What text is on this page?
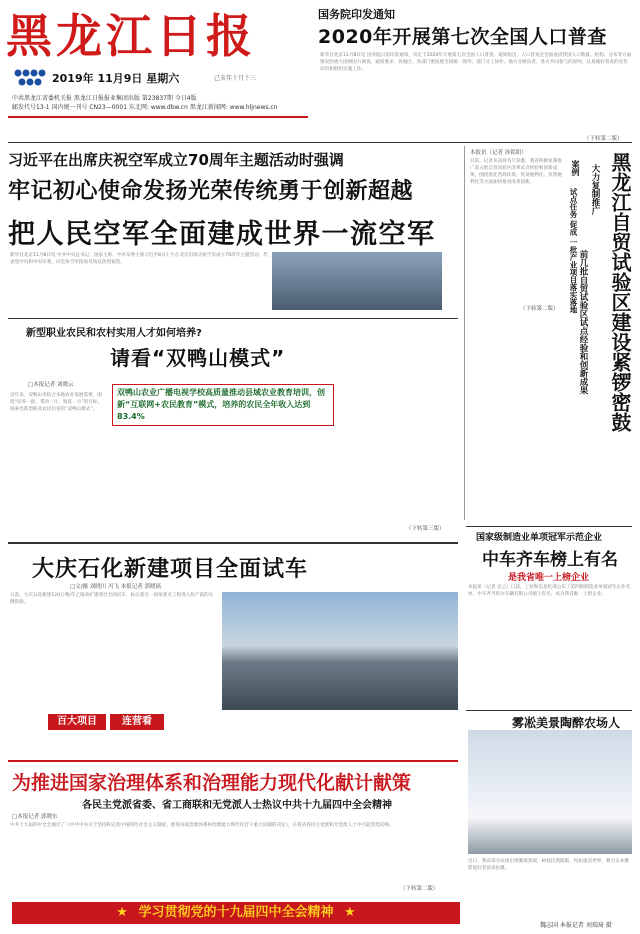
黑龙江日报
2019年 11月9日 星期六	己亥年十月十三
中共黑龙江省委机关报 黑龙江日报报业集团出版 第23837期 今日4版
邮发代号13-1 国内统一刊号 CN23—0001 东北网: www.dbw.cn 黑龙江新闻网: www.hljnews.cn
国务院印发通知
2020年开展第七次全国人口普查
新华社北京11月8日电 国务院日前印发通知，决定于2020年开展第七次全国人口普查。通知指出，人口普查是全面查清我国人口数量、结构、分布等方面情况的重大国情国力调查。通知要求，各地区、各部门要按照全国统一领导、部门分工协作、地方分级负责、各方共同参与的原则，认真做好普查的宣传动员和组织实施工作。
（下转第二版）
习近平在出席庆祝空军成立70周年主题活动时强调
牢记初心使命发扬光荣传统勇于创新超越
把人民空军全面建成世界一流空军
新华社北京11月8日电 中共中央总书记、国家主席、中央军委主席习近平8日上午在北京出席庆祝空军成立70周年主题活动，代表党中央和中央军委，向全体空军指战员致以热烈祝贺。
（下转第二版）
本报讯（记者 孙铭阳）
日前，记者从省商务厅获悉，我省积极复制推广前五批自贸试验区改革试点经验和创新成果，围绕优化营商环境、贸易便利化、投资便利化等方面加快推进改革创新。	黑龙江自贸试验区建设紧锣密鼓
大力复制推广
前几批自贸试验区试点经验和创新成果
案例
试点任务 促成 一批产业项目落实落地
新型职业农民和农村实用人才如何培养?
请看“双鸭山模式”
□本报记者 刘晓云
双鸭山农业广播电视学校高质量推动县域农业教育培训，创新“互联网+农民教育”模式，培养的农民全年收入达到83.4%
近年来，双鸭山市结合本地农业发展需要，围绕“培养一批、带动一片、致富一方”的目标，探索出新型职业农民培育的“双鸭山模式”。
（下转第三版）
大庆石化新建项目全面试车
□文/摄 刘晓川 冯飞 本报记者 郭晓瑶
日前，大庆石化新建120万吨/年乙烯改扩建项目全面试车，标志着这一国家重点工程进入投产前的关键阶段。
百大项目	连营看
为推进国家治理体系和治理能力现代化献计献策
各民主党派省委、省工商联和无党派人士热议中共十九届四中全会精神
□本报记者 郭晓东
中共十九届四中全会通过了《中共中央关于坚持和完善中国特色社会主义制度、推进国家治理体系和治理能力现代化若干重大问题的决定》，在我省各民主党派和无党派人士中引起热烈反响。
（下转第二版）
★ 学习贯彻党的十九届四中全会精神 ★
国家级制造业单项冠军示范企业
中车齐车榜上有名
是我省唯一上榜企业
本报讯（记者 吴云）日前，工业和信息化部公布了第四批制造业单项冠军企业名单，中车齐齐哈尔车辆有限公司榜上有名，成为我省唯一上榜企业。
雾凇美景陶醉农场人
近日，我省部分农场出现雾凇景观，树枝挂满银霜，宛如童话世界，吸引众多摄影爱好者前来拍摄。
魏志国 本报记者 刘瑞琦 摄
